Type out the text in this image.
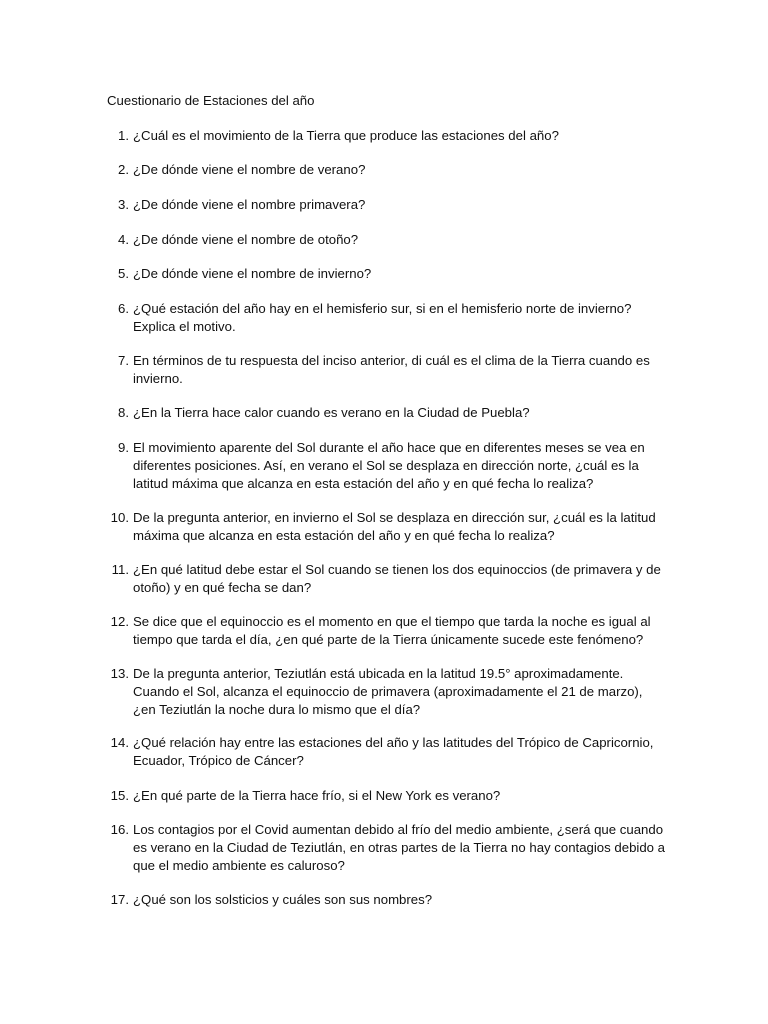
Cuestionario de Estaciones del año
1. ¿Cuál es el movimiento de la Tierra que produce las estaciones del año?
2. ¿De dónde viene el nombre de verano?
3. ¿De dónde viene el nombre primavera?
4. ¿De dónde viene el nombre de otoño?
5. ¿De dónde viene el nombre de invierno?
6. ¿Qué estación del año hay en el hemisferio sur, si en el hemisferio norte de invierno? Explica el motivo.
7. En términos de tu respuesta del inciso anterior, di cuál es el clima de la Tierra cuando es invierno.
8. ¿En la Tierra hace calor cuando es verano en la Ciudad de Puebla?
9. El movimiento aparente del Sol durante el año hace que en diferentes meses se vea en diferentes posiciones. Así, en verano el Sol se desplaza en dirección norte, ¿cuál es la latitud máxima que alcanza en esta estación del año y en qué fecha lo realiza?
10. De la pregunta anterior, en invierno el Sol se desplaza en dirección sur, ¿cuál es la latitud máxima que alcanza en esta estación del año y en qué fecha lo realiza?
11. ¿En qué latitud debe estar el Sol cuando se tienen los dos equinoccios (de primavera y de otoño) y en qué fecha se dan?
12. Se dice que el equinoccio es el momento en que el tiempo que tarda la noche es igual al tiempo que tarda el día, ¿en qué parte de la Tierra únicamente sucede este fenómeno?
13. De la pregunta anterior, Teziutlán está ubicada en la latitud 19.5° aproximadamente. Cuando el Sol, alcanza el equinoccio de primavera (aproximadamente el 21 de marzo), ¿en Teziutlán la noche dura lo mismo que el día?
14. ¿Qué relación hay entre las estaciones del año y las latitudes del Trópico de Capricornio, Ecuador, Trópico de Cáncer?
15. ¿En qué parte de la Tierra hace frío, si el New York es verano?
16. Los contagios por el Covid aumentan debido al frío del medio ambiente, ¿será que cuando es verano en la Ciudad de Teziutlán, en otras partes de la Tierra no hay contagios debido a que el medio ambiente es caluroso?
17. ¿Qué son los solsticios y cuáles son sus nombres?
